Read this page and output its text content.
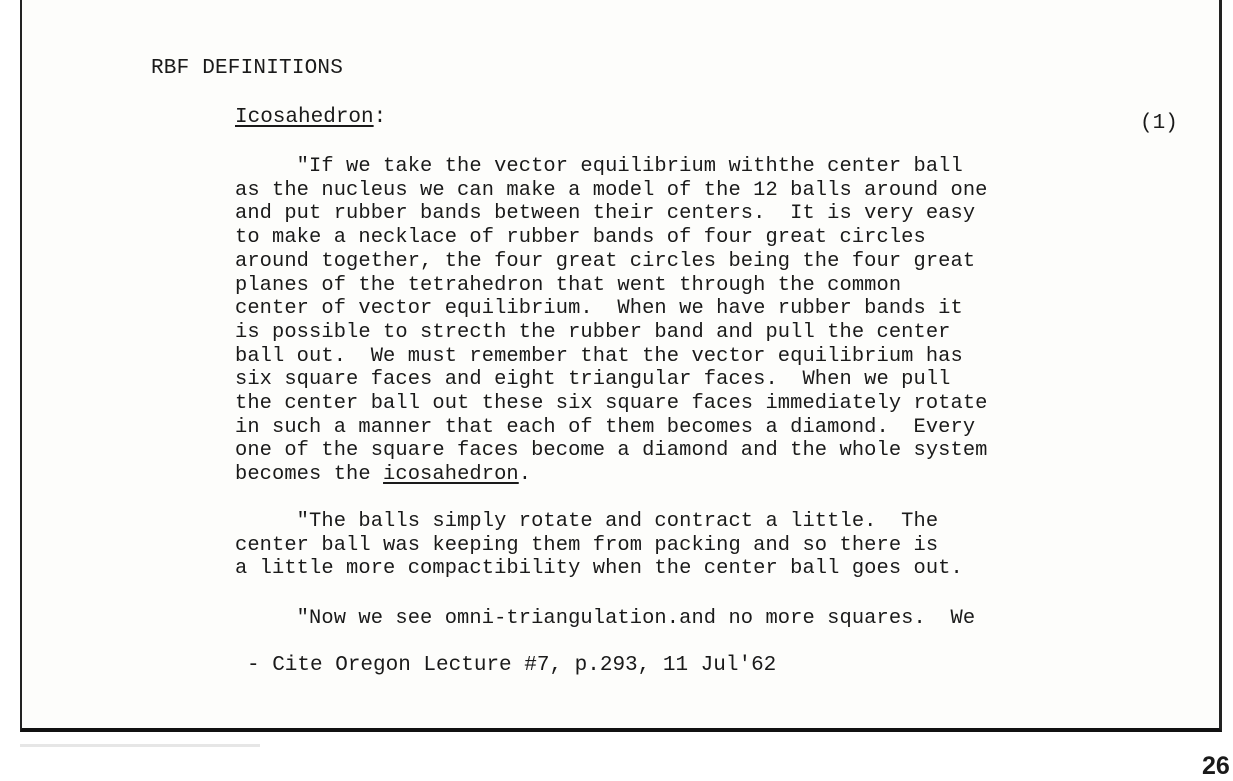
RBF DEFINITIONS
Icosahedron:	(1)
"If we take the vector equilibrium withthe center ball
as the nucleus we can make a model of the 12 balls around one
and put rubber bands between their centers.  It is very easy
to make a necklace of rubber bands of four great circles
around together, the four great circles being the four great
planes of the tetrahedron that went through the common
center of vector equilibrium.  When we have rubber bands it
is possible to strecth the rubber band and pull the center
ball out.  We must remember that the vector equilibrium has
six square faces and eight triangular faces.  When we pull
the center ball out these six square faces immediately rotate
in such a manner that each of them becomes a diamond.  Every
one of the square faces become a diamond and the whole system
becomes the icosahedron.
"The balls simply rotate and contract a little.  The
center ball was keeping them from packing and so there is
a little more compactibility when the center ball goes out.
"Now we see omni-triangulation.and no more squares.  We
- Cite Oregon Lecture #7, p.293, 11 Jul'62
26
